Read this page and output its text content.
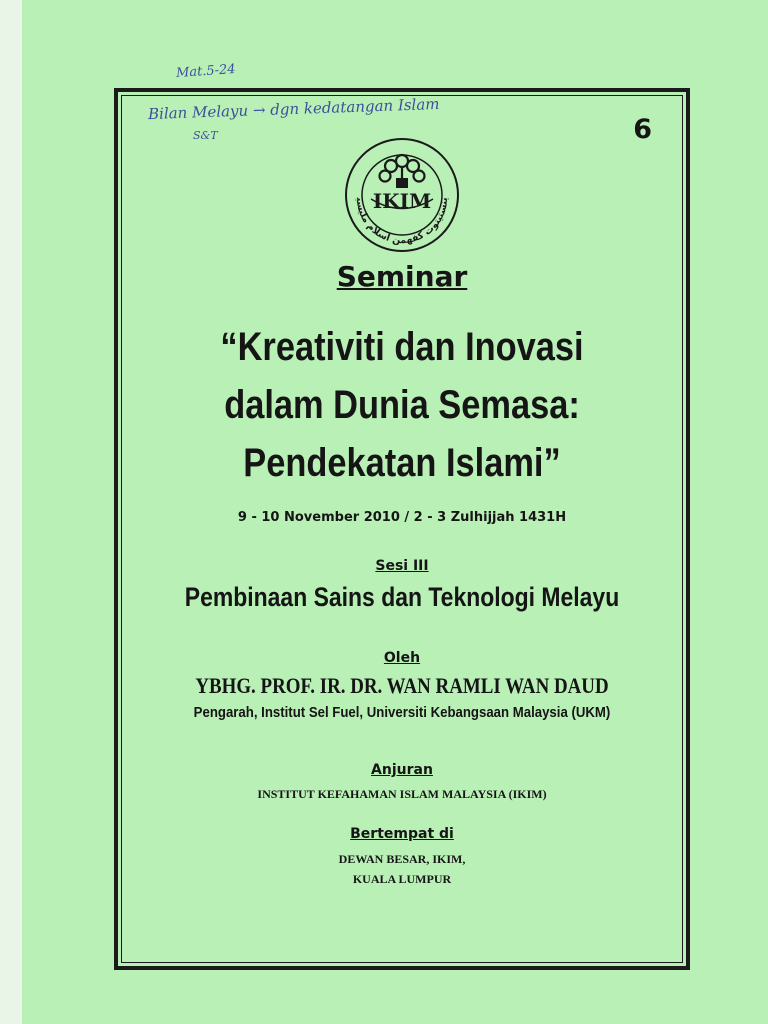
Mat.5-24
Bilan Melayu → dgn kedatangan Islam
S&T	6
IKIM ينستيتوت كفهمن اسلام مليسي
Seminar
“Kreativiti dan Inovasi
dalam Dunia Semasa:
Pendekatan Islami”
9 - 10 November 2010 / 2 - 3 Zulhijjah 1431H
Sesi III
Pembinaan Sains dan Teknologi Melayu
Oleh
YBHG. PROF. IR. DR. WAN RAMLI WAN DAUD
Pengarah, Institut Sel Fuel, Universiti Kebangsaan Malaysia (UKM)
Anjuran
INSTITUT KEFAHAMAN ISLAM MALAYSIA (IKIM)
Bertempat di
DEWAN BESAR, IKIM,
KUALA LUMPUR
